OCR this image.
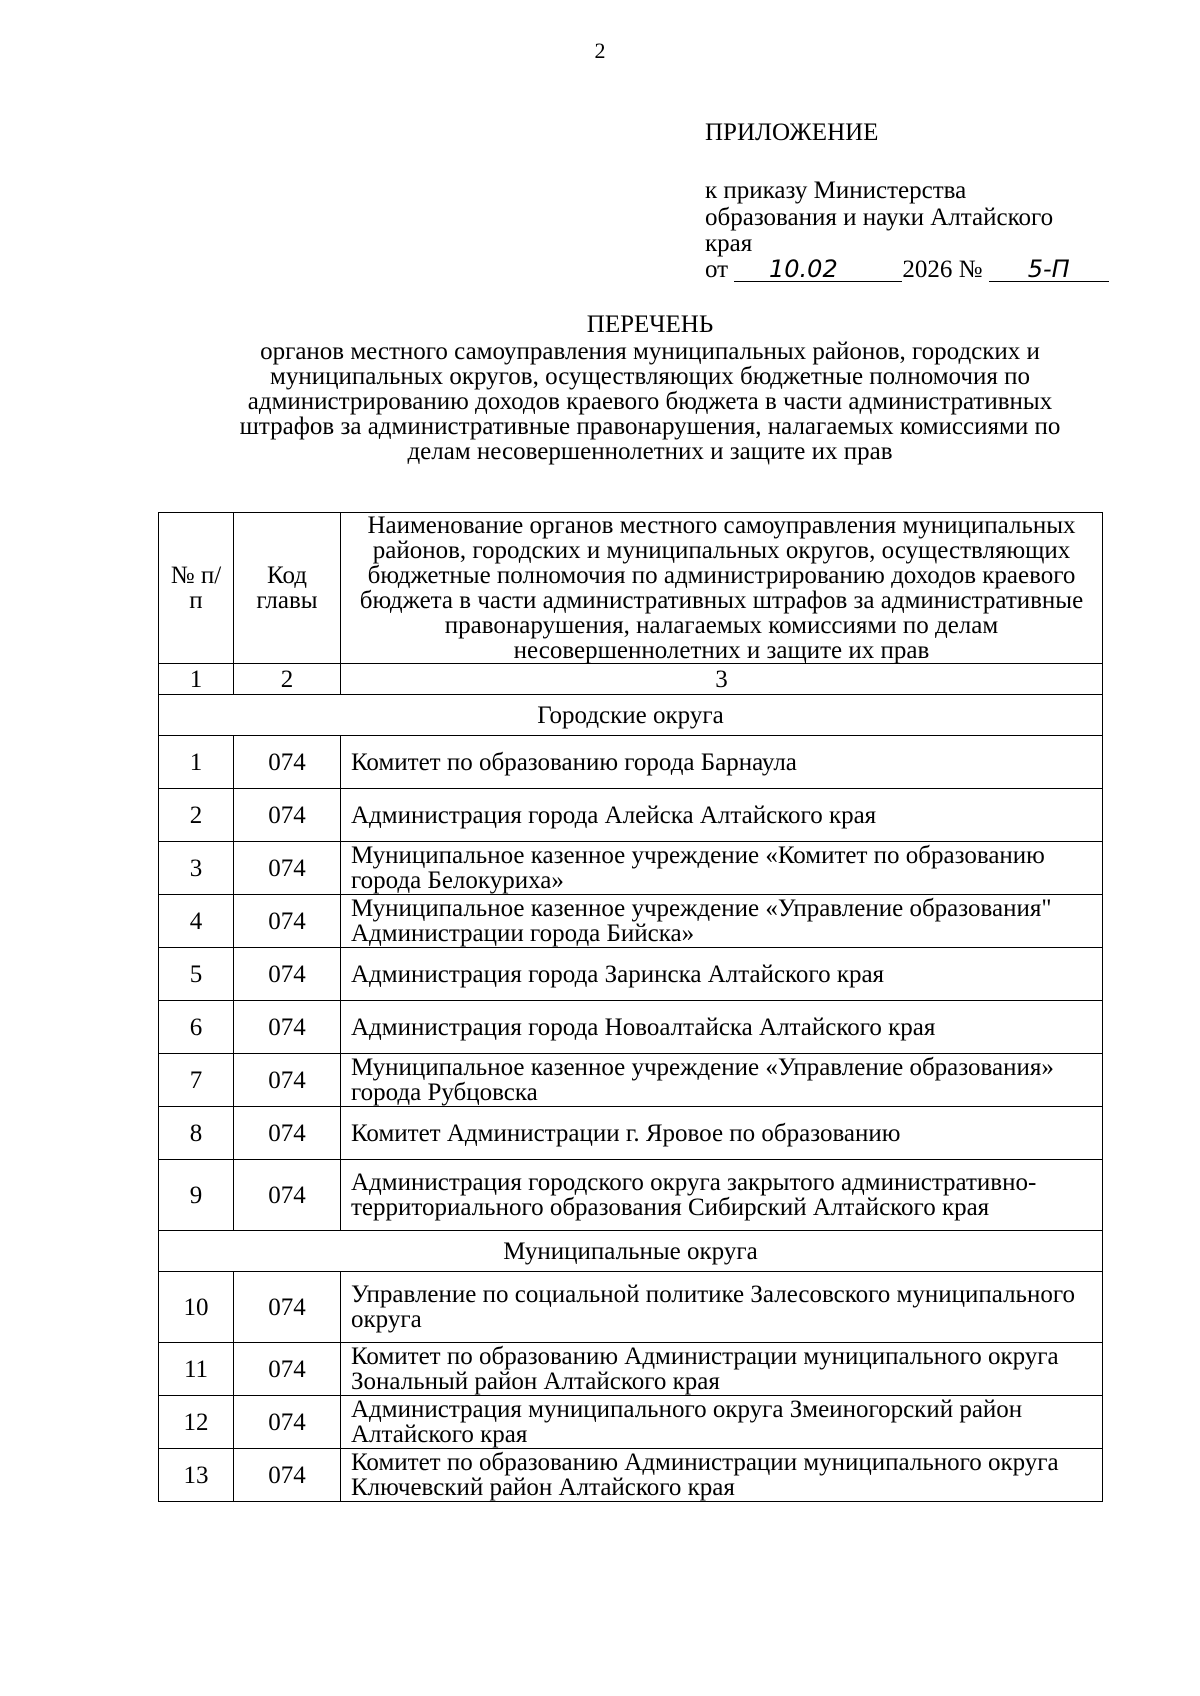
2
ПРИЛОЖЕНИЕ
к приказу Министерства
образования и науки Алтайского
края
от 10.02	2026 № 5-П
ПЕРЕЧЕНЬ
органов местного самоуправления муниципальных районов, городских и
муниципальных округов, осуществляющих бюджетные полномочия по
администрированию доходов краевого бюджета в части административных
штрафов за административные правонарушения, налагаемых комиссиями по
делам несовершеннолетних и защите их прав
№ п/п	Код главы	Наименование органов местного самоуправления муниципальных районов, городских и муниципальных округов, осуществляющих бюджетные полномочия по администрированию доходов краевого бюджета в части административных штрафов за административные правонарушения, налагаемых комиссиями по делам несовершеннолетних и защите их прав
1	2	3
Городские округа		
1	074	Комитет по образованию города Барнаула
2	074	Администрация города Алейска Алтайского края
3	074	Муниципальное казенное учреждение «Комитет по образованию города Белокуриха»
4	074	Муниципальное казенное учреждение «Управление образования" Администрации города Бийска»
5	074	Администрация города Заринска Алтайского края
6	074	Администрация города Новоалтайска Алтайского края
7	074	Муниципальное казенное учреждение «Управление образования» города Рубцовска
8	074	Комитет Администрации г. Яровое по образованию
9	074	Администрация городского округа закрытого административно-территориального образования Сибирский Алтайского края
Муниципальные округа		
10	074	Управление по социальной политике Залесовского муниципального округа
11	074	Комитет по образованию Администрации муниципального округа Зональный район Алтайского края
12	074	Администрация муниципального округа Змеиногорский район Алтайского края
13	074	Комитет по образованию Администрации муниципального округа Ключевский район Алтайского края
